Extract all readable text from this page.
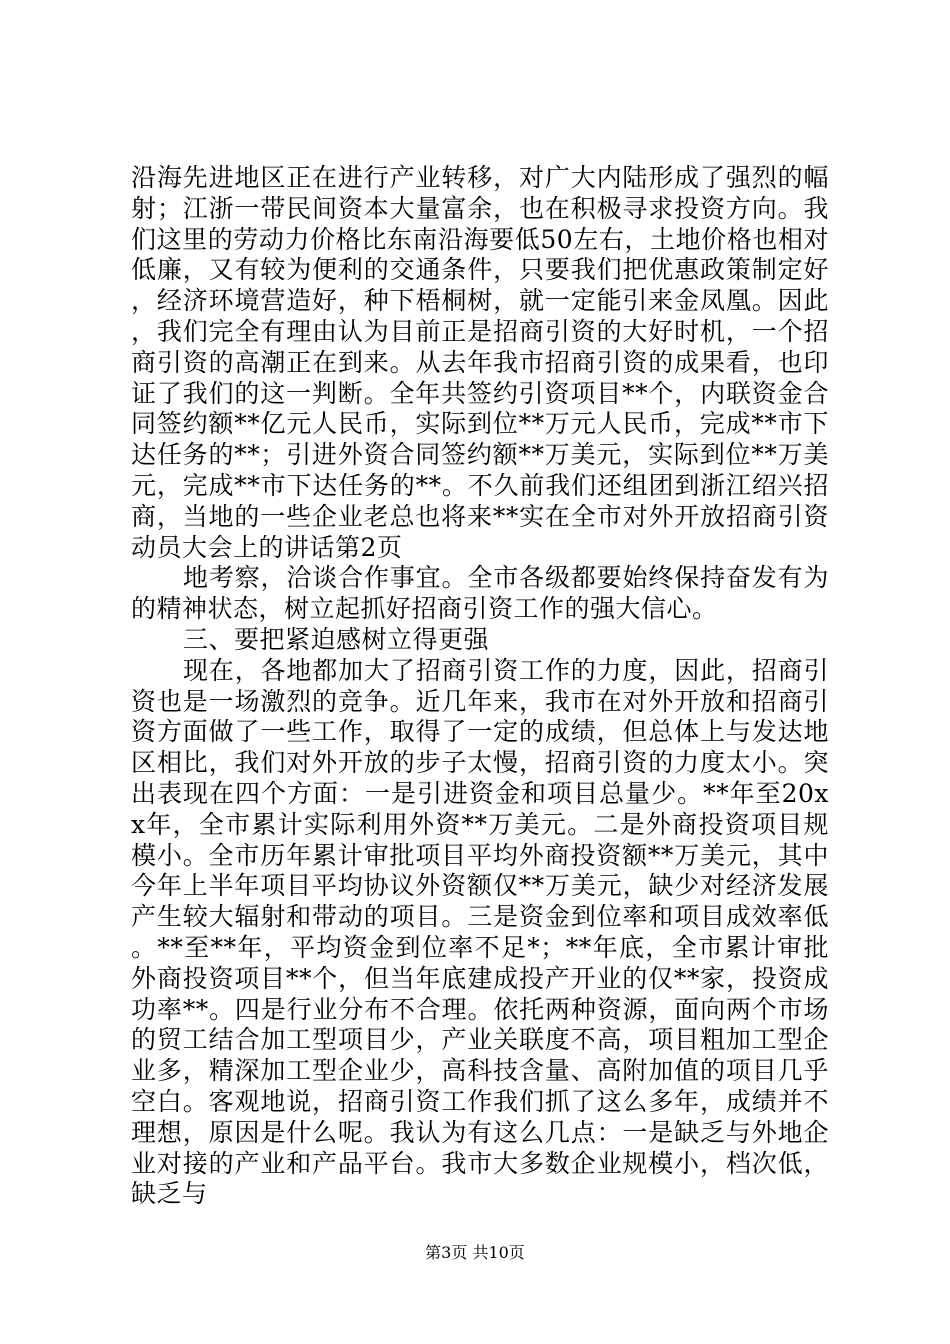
沿海先进地区正在进行产业转移，对广大内陆形成了强烈的幅射；江浙一带民间资本大量富余，也在积极寻求投资方向。我们这里的劳动力价格比东南沿海要低50左右，土地价格也相对低廉，又有较为便利的交通条件，只要我们把优惠政策制定好，经济环境营造好，种下梧桐树，就一定能引来金凤凰。因此，我们完全有理由认为目前正是招商引资的大好时机，一个招商引资的高潮正在到来。从去年我市招商引资的成果看，也印证了我们的这一判断。全年共签约引资项目**个，内联资金合同签约额**亿元人民币，实际到位**万元人民币，完成**市下达任务的**；引进外资合同签约额**万美元，实际到位**万美元，完成**市下达任务的**。不久前我们还组团到浙江绍兴招商，当地的一些企业老总也将来**实在全市对外开放招商引资动员大会上的讲话第2页

地考察，洽谈合作事宜。全市各级都要始终保持奋发有为的精神状态，树立起抓好招商引资工作的强大信心。

三、要把紧迫感树立得更强

现在，各地都加大了招商引资工作的力度，因此，招商引资也是一场激烈的竞争。近几年来，我市在对外开放和招商引资方面做了一些工作，取得了一定的成绩，但总体上与发达地区相比，我们对外开放的步子太慢，招商引资的力度太小。突出表现在四个方面：一是引进资金和项目总量少。**年至20xx年，全市累计实际利用外资**万美元。二是外商投资项目规模小。全市历年累计审批项目平均外商投资额**万美元，其中今年上半年项目平均协议外资额仅**万美元，缺少对经济发展产生较大辐射和带动的项目。三是资金到位率和项目成效率低。**至**年，平均资金到位率不足*；**年底，全市累计审批外商投资项目**个，但当年底建成投产开业的仅**家，投资成功率**。四是行业分布不合理。依托两种资源，面向两个市场的贸工结合加工型项目少，产业关联度不高，项目粗加工型企业多，精深加工型企业少，高科技含量、高附加值的项目几乎空白。客观地说，招商引资工作我们抓了这么多年，成绩并不理想，原因是什么呢。我认为有这么几点：一是缺乏与外地企业对接的产业和产品平台。我市大多数企业规模小，档次低，缺乏与

第3页 共10页
